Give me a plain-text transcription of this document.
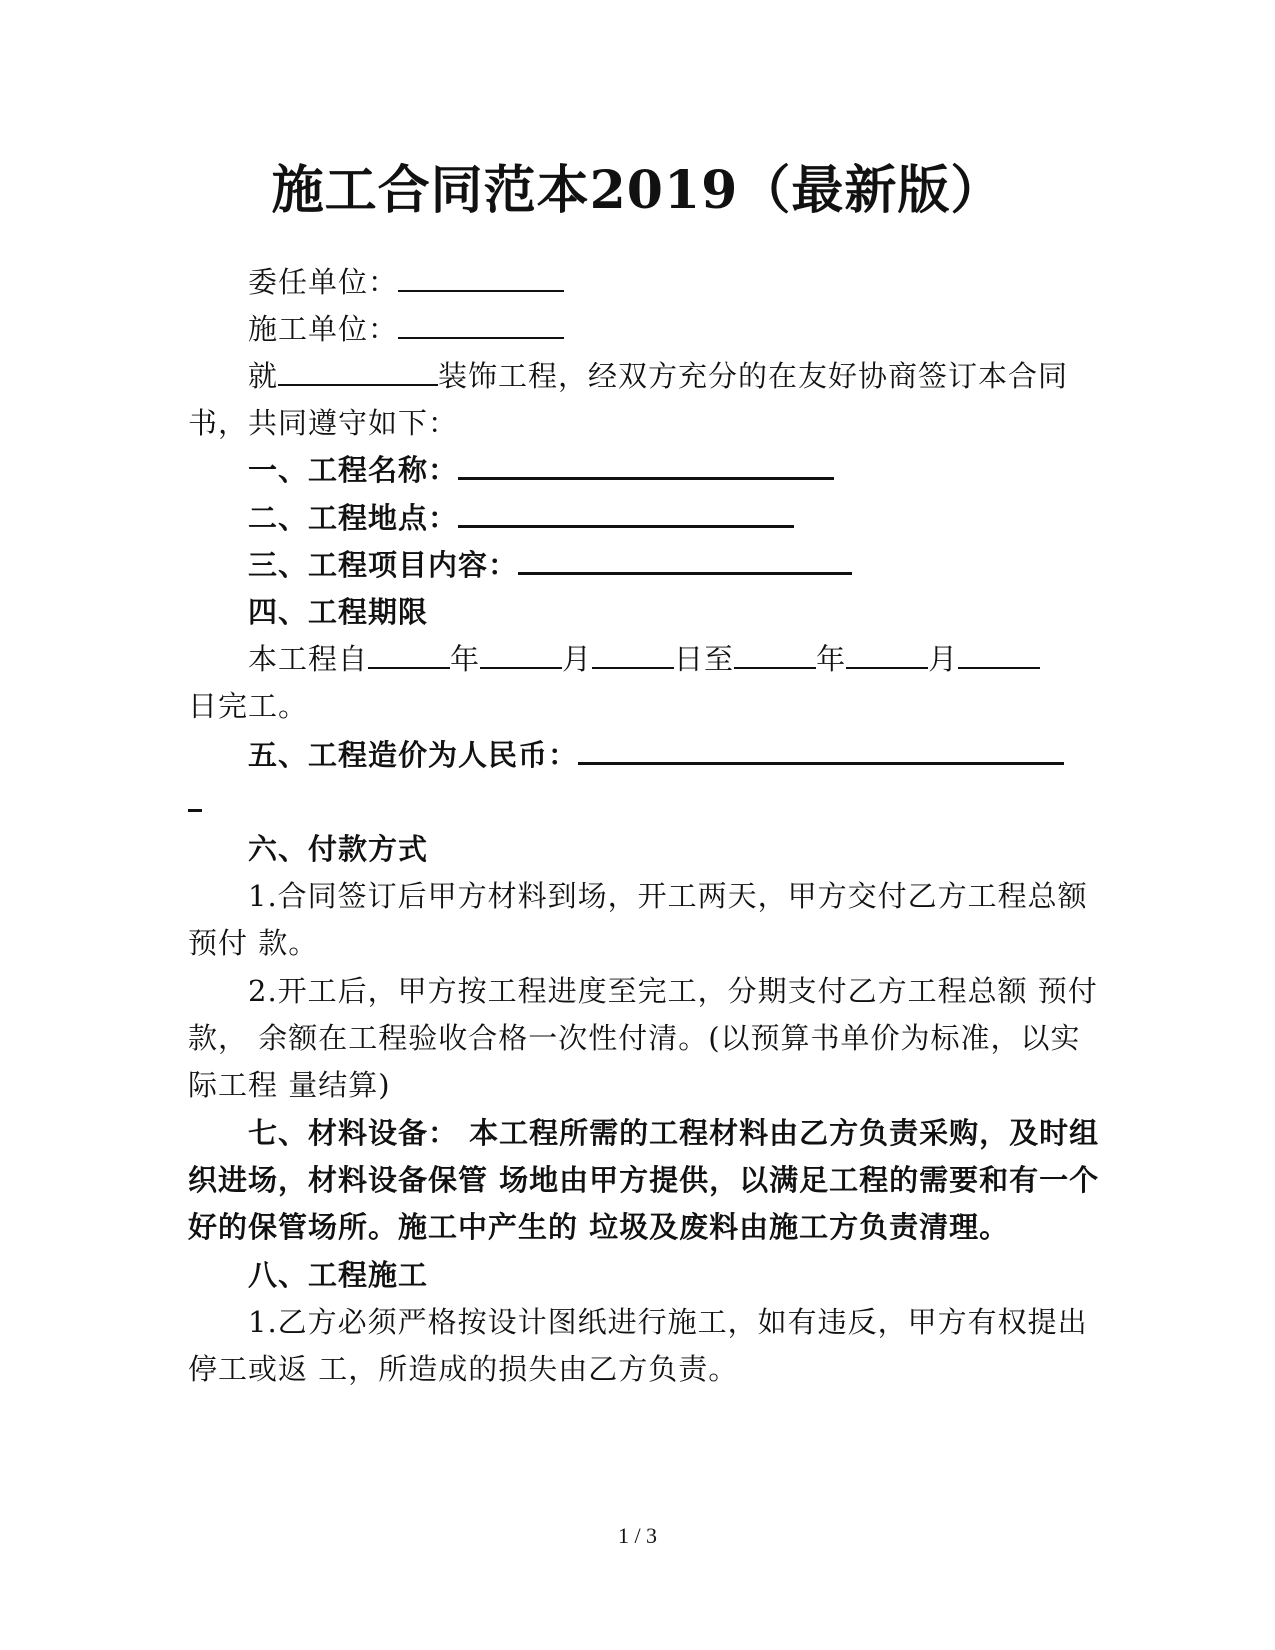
施工合同范本2019（最新版）
委任单位：
施工单位：
就	装饰工程，经双方充分的在友好协商签订本合同
书，共同遵守如下：
一、工程名称：
二、工程地点：
三、工程项目内容：
四、工程期限
本工程自	年	月	日至	年	月
日完工。
五、工程造价为人民币：
六、付款方式
1.合同签订后甲方材料到场，开工两天，甲方交付乙方工程总额
预付 款。
2.开工后，甲方按工程进度至完工，分期支付乙方工程总额 预付
款， 余额在工程验收合格一次性付清。(以预算书单价为标准，以实
际工程 量结算)
七、材料设备： 本工程所需的工程材料由乙方负责采购，及时组
织进场，材料设备保管 场地由甲方提供，以满足工程的需要和有一个
好的保管场所。施工中产生的 垃圾及废料由施工方负责清理。
八、工程施工
1.乙方必须严格按设计图纸进行施工，如有违反，甲方有权提出
停工或返 工，所造成的损失由乙方负责。
1 / 3
